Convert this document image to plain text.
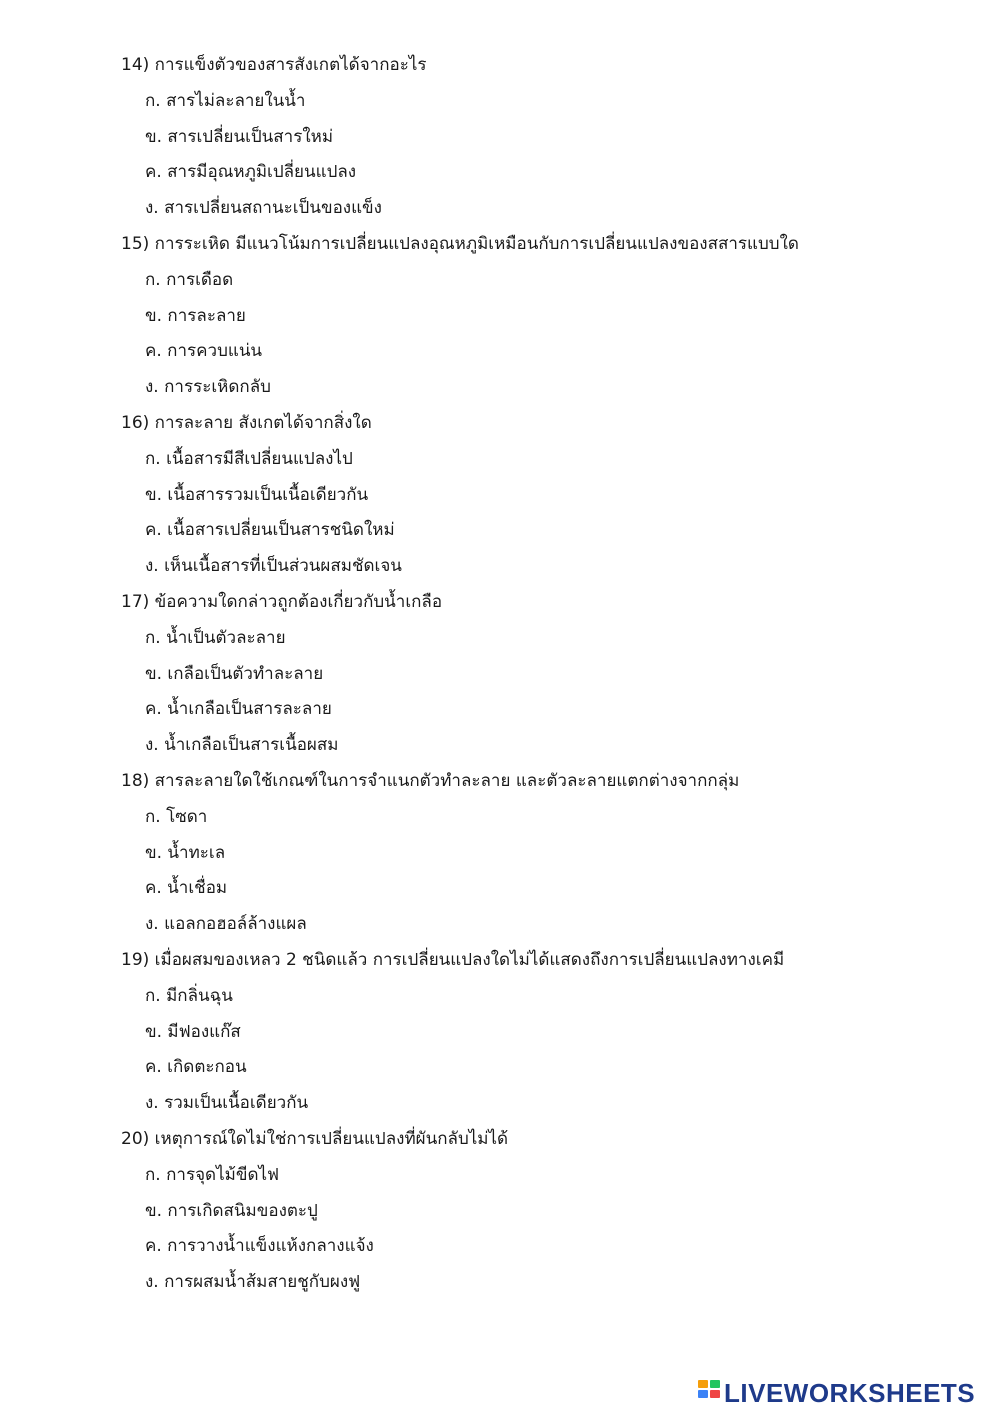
14) การแข็งตัวของสารสังเกตได้จากอะไร
ก. สารไม่ละลายในน้ำ
ข. สารเปลี่ยนเป็นสารใหม่
ค. สารมีอุณหภูมิเปลี่ยนแปลง
ง. สารเปลี่ยนสถานะเป็นของแข็ง
15) การระเหิด มีแนวโน้มการเปลี่ยนแปลงอุณหภูมิเหมือนกับการเปลี่ยนแปลงของสสารแบบใด
ก. การเดือด
ข. การละลาย
ค. การควบแน่น
ง. การระเหิดกลับ
16) การละลาย สังเกตได้จากสิ่งใด
ก. เนื้อสารมีสีเปลี่ยนแปลงไป
ข. เนื้อสารรวมเป็นเนื้อเดียวกัน
ค. เนื้อสารเปลี่ยนเป็นสารชนิดใหม่
ง. เห็นเนื้อสารที่เป็นส่วนผสมชัดเจน
17) ข้อความใดกล่าวถูกต้องเกี่ยวกับน้ำเกลือ
ก. น้ำเป็นตัวละลาย
ข. เกลือเป็นตัวทำละลาย
ค. น้ำเกลือเป็นสารละลาย
ง. น้ำเกลือเป็นสารเนื้อผสม
18) สารละลายใดใช้เกณฑ์ในการจำแนกตัวทำละลาย และตัวละลายแตกต่างจากกลุ่ม
ก. โซดา
ข. น้ำทะเล
ค. น้ำเชื่อม
ง. แอลกอฮอล์ล้างแผล
19) เมื่อผสมของเหลว 2 ชนิดแล้ว การเปลี่ยนแปลงใดไม่ได้แสดงถึงการเปลี่ยนแปลงทางเคมี
ก. มีกลิ่นฉุน
ข. มีฟองแก๊ส
ค. เกิดตะกอน
ง. รวมเป็นเนื้อเดียวกัน
20) เหตุการณ์ใดไม่ใช่การเปลี่ยนแปลงที่ผันกลับไม่ได้
ก. การจุดไม้ขีดไฟ
ข. การเกิดสนิมของตะปู
ค. การวางน้ำแข็งแห้งกลางแจ้ง
ง. การผสมน้ำส้มสายชูกับผงฟู
LIVEWORKSHEETS
